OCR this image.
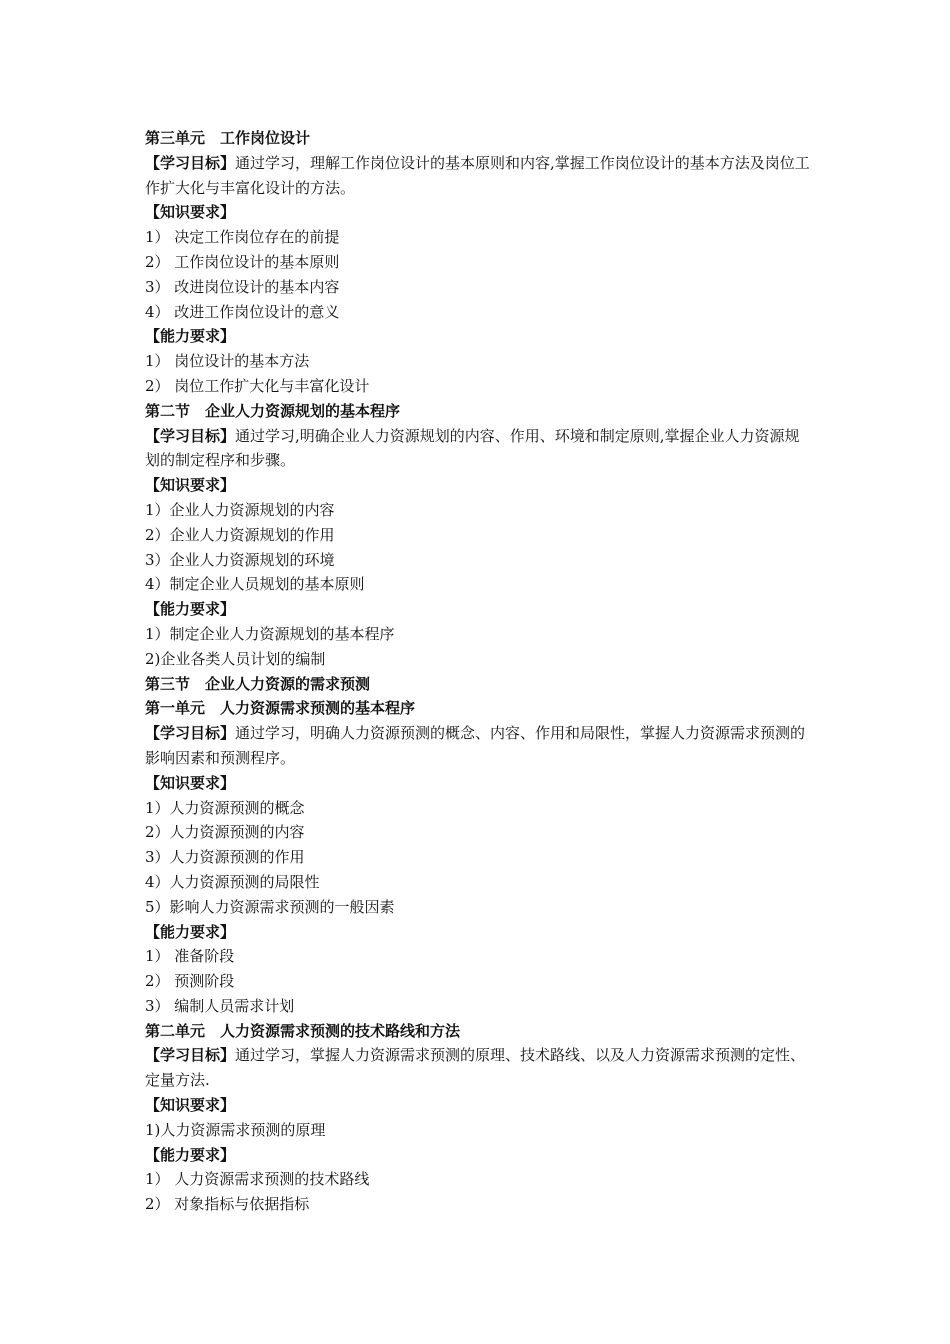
第三单元　工作岗位设计
【学习目标】通过学习，理解工作岗位设计的基本原则和内容,掌握工作岗位设计的基本方法及岗位工作扩大化与丰富化设计的方法。
【知识要求】
1） 决定工作岗位存在的前提
2） 工作岗位设计的基本原则
3） 改进岗位设计的基本内容
4） 改进工作岗位设计的意义
【能力要求】
1） 岗位设计的基本方法
2） 岗位工作扩大化与丰富化设计
第二节　企业人力资源规划的基本程序
【学习目标】通过学习,明确企业人力资源规划的内容、作用、环境和制定原则,掌握企业人力资源规划的制定程序和步骤。
【知识要求】
1）企业人力资源规划的内容
2）企业人力资源规划的作用
3）企业人力资源规划的环境
4）制定企业人员规划的基本原则
【能力要求】
1）制定企业人力资源规划的基本程序
2)企业各类人员计划的编制
第三节　企业人力资源的需求预测
第一单元　人力资源需求预测的基本程序
【学习目标】通过学习，明确人力资源预测的概念、内容、作用和局限性，掌握人力资源需求预测的影响因素和预测程序。
【知识要求】
1）人力资源预测的概念
2）人力资源预测的内容
3）人力资源预测的作用
4）人力资源预测的局限性
5）影响人力资源需求预测的一般因素
【能力要求】
1） 准备阶段
2） 预测阶段
3） 编制人员需求计划
第二单元　人力资源需求预测的技术路线和方法
【学习目标】通过学习，掌握人力资源需求预测的原理、技术路线、以及人力资源需求预测的定性、定量方法.
【知识要求】
1)人力资源需求预测的原理
【能力要求】
1） 人力资源需求预测的技术路线
2） 对象指标与依据指标
